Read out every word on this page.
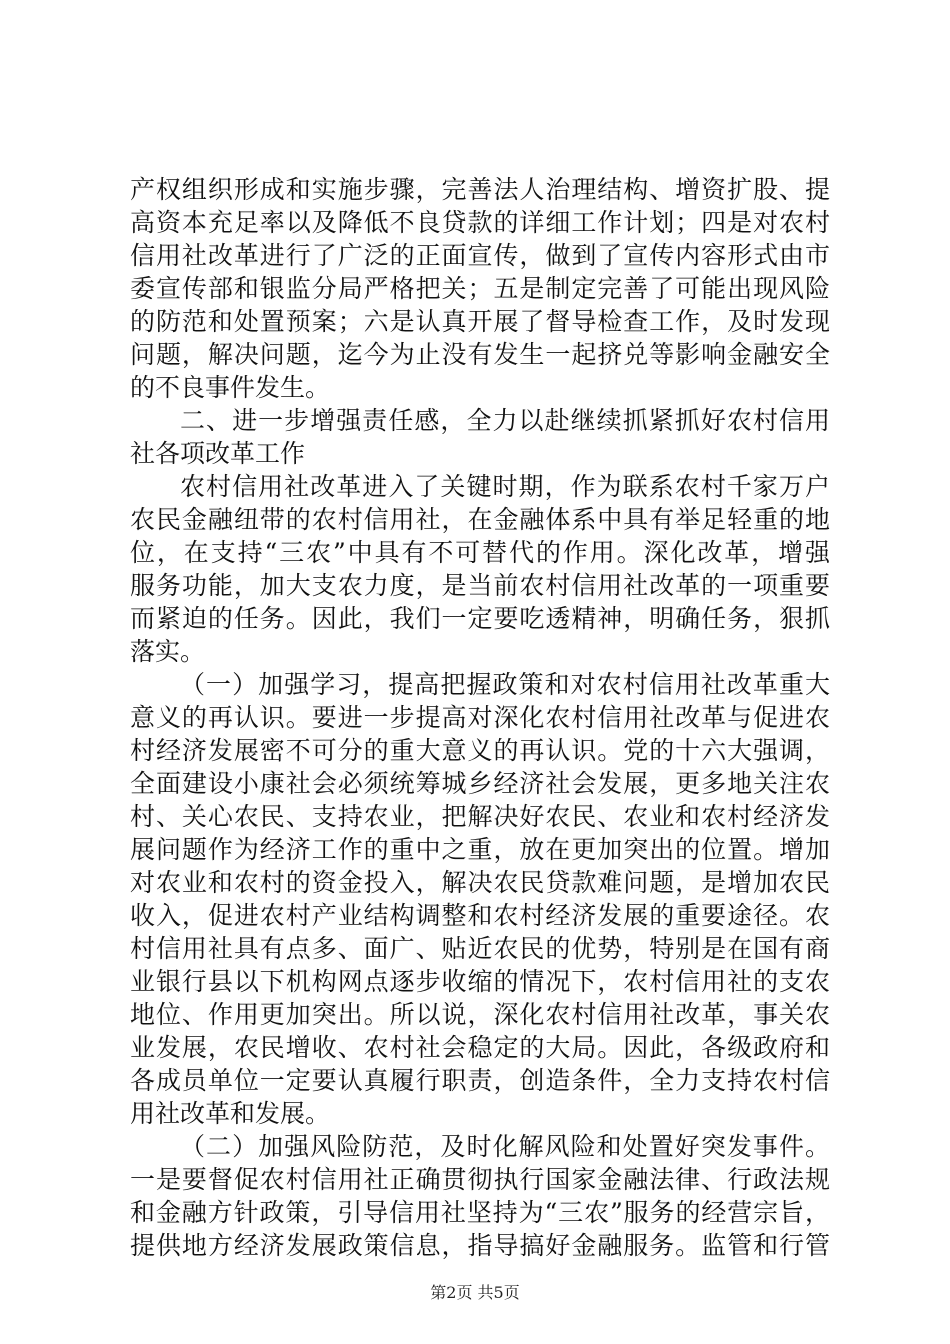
产权组织形成和实施步骤，完善法人治理结构、增资扩股、提
高资本充足率以及降低不良贷款的详细工作计划；四是对农村
信用社改革进行了广泛的正面宣传，做到了宣传内容形式由市
委宣传部和银监分局严格把关；五是制定完善了可能出现风险
的防范和处置预案；六是认真开展了督导检查工作，及时发现
问题，解决问题，迄今为止没有发生一起挤兑等影响金融安全
的不良事件发生。
二、进一步增强责任感，全力以赴继续抓紧抓好农村信用
社各项改革工作
农村信用社改革进入了关键时期，作为联系农村千家万户
农民金融纽带的农村信用社，在金融体系中具有举足轻重的地
位，在支持“三农”中具有不可替代的作用。深化改革，增强
服务功能，加大支农力度，是当前农村信用社改革的一项重要
而紧迫的任务。因此，我们一定要吃透精神，明确任务，狠抓
落实。
（一）加强学习，提高把握政策和对农村信用社改革重大
意义的再认识。要进一步提高对深化农村信用社改革与促进农
村经济发展密不可分的重大意义的再认识。党的十六大强调，
全面建设小康社会必须统筹城乡经济社会发展，更多地关注农
村、关心农民、支持农业，把解决好农民、农业和农村经济发
展问题作为经济工作的重中之重，放在更加突出的位置。增加
对农业和农村的资金投入，解决农民贷款难问题，是增加农民
收入，促进农村产业结构调整和农村经济发展的重要途径。农
村信用社具有点多、面广、贴近农民的优势，特别是在国有商
业银行县以下机构网点逐步收缩的情况下，农村信用社的支农
地位、作用更加突出。所以说，深化农村信用社改革，事关农
业发展，农民增收、农村社会稳定的大局。因此，各级政府和
各成员单位一定要认真履行职责，创造条件，全力支持农村信
用社改革和发展。
（二）加强风险防范，及时化解风险和处置好突发事件。
一是要督促农村信用社正确贯彻执行国家金融法律、行政法规
和金融方针政策，引导信用社坚持为“三农”服务的经营宗旨，
提供地方经济发展政策信息，指导搞好金融服务。监管和行管
第2页 共5页
